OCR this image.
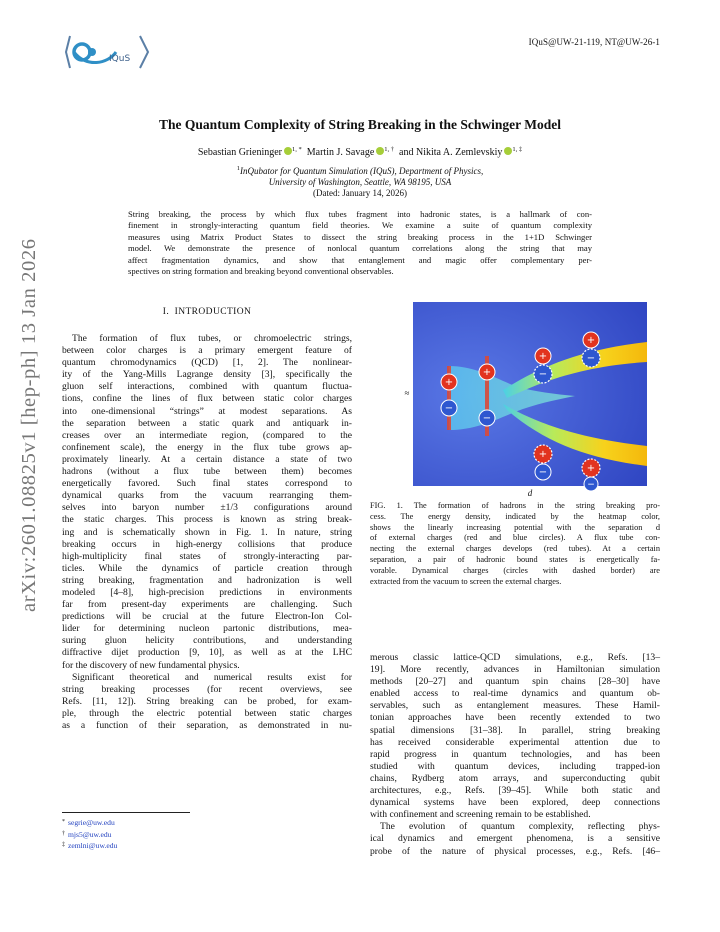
IQuS
IQuS@UW-21-119, NT@UW-26-1
arXiv:2601.08825v1 [hep-ph] 13 Jan 2026
The Quantum Complexity of String Breaking in the Schwinger Model
Sebastian Grieninger $^{1, *}$ Martin J. Savage $^{1, \dagger}$ and Nikita A. Zemlevskiy $^{1, \ddagger}$
$^1$InQubator for Quantum Simulation (IQuS), Department of Physics,
University of Washington, Seattle, WA 98195, USA
(Dated: January 14, 2026)
String breaking, the process by which flux tubes fragment into hadronic states, is a hallmark of con-
finement in strongly-interacting quantum field theories. We examine a suite of quantum complexity
measures using Matrix Product States to dissect the string breaking process in the 1+1D Schwinger
model. We demonstrate the presence of nonlocal quantum correlations along the string that may
affect fragmentation dynamics, and show that entanglement and magic offer complementary per-
spectives on string formation and breaking beyond conventional observables.
I. INTRODUCTION
The formation of flux tubes, or chromoelectric strings,
between color charges is a primary emergent feature of
quantum chromodynamics (QCD) [1, 2]. The nonlinear-
ity of the Yang-Mills Lagrange density [3], specifically the
gluon self interactions, combined with quantum fluctua-
tions, confine the lines of flux between static color charges
into one-dimensional “strings” at modest separations. As
the separation between a static quark and antiquark in-
creases over an intermediate region, (compared to the
confinement scale), the energy in the flux tube grows ap-
proximately linearly. At a certain distance a state of two
hadrons (without a flux tube between them) becomes
energetically favored. Such final states correspond to
dynamical quarks from the vacuum rearranging them-
selves into baryon number ±1/3 configurations around
the static charges. This process is known as string break-
ing and is schematically shown in Fig. 1. In nature, string
breaking occurs in high-energy collisions that produce
high-multiplicity final states of strongly-interacting par-
ticles. While the dynamics of particle creation through
string breaking, fragmentation and hadronization is well
modeled [4–8], high-precision predictions in environments
far from present-day experiments are challenging. Such
predictions will be crucial at the future Electron-Ion Col-
lider for determining nucleon partonic distributions, mea-
suring gluon helicity contributions, and understanding
diffractive dijet production [9, 10], as well as at the LHC
for the discovery of new fundamental physics.
Significant theoretical and numerical results exist for
string breaking processes (for recent overviews, see
Refs. [11, 12]). String breaking can be probed, for exam-
ple, through the electric potential between static charges
as a function of their separation, as demonstrated in nu-
+
−
+
−
+
−
+
−
+
−	+
−
≈
d
FIG. 1. The formation of hadrons in the string breaking pro-
cess. The energy density, indicated by the heatmap color,
shows the linearly increasing potential with the separation d
of external charges (red and blue circles). A flux tube con-
necting the external charges develops (red tubes). At a certain
separation, a pair of hadronic bound states is energetically fa-
vorable. Dynamical charges (circles with dashed border) are
extracted from the vacuum to screen the external charges.
merous classic lattice-QCD simulations, e.g., Refs. [13–
19]. More recently, advances in Hamiltonian simulation
methods [20–27] and quantum spin chains [28–30] have
enabled access to real-time dynamics and quantum ob-
servables, such as entanglement measures. These Hamil-
tonian approaches have been recently extended to two
spatial dimensions [31–38]. In parallel, string breaking
has received considerable experimental attention due to
rapid progress in quantum technologies, and has been
studied with quantum devices, including trapped-ion
chains, Rydberg atom arrays, and superconducting qubit
architectures, e.g., Refs. [39–45]. While both static and
dynamical systems have been explored, deep connections
with confinement and screening remain to be established.
The evolution of quantum complexity, reflecting phys-
ical dynamics and emergent phenomena, is a sensitive
probe of the nature of physical processes, e.g., Refs. [46–
* segrie@uw.edu
† mjs5@uw.edu
‡ zemlni@uw.edu
